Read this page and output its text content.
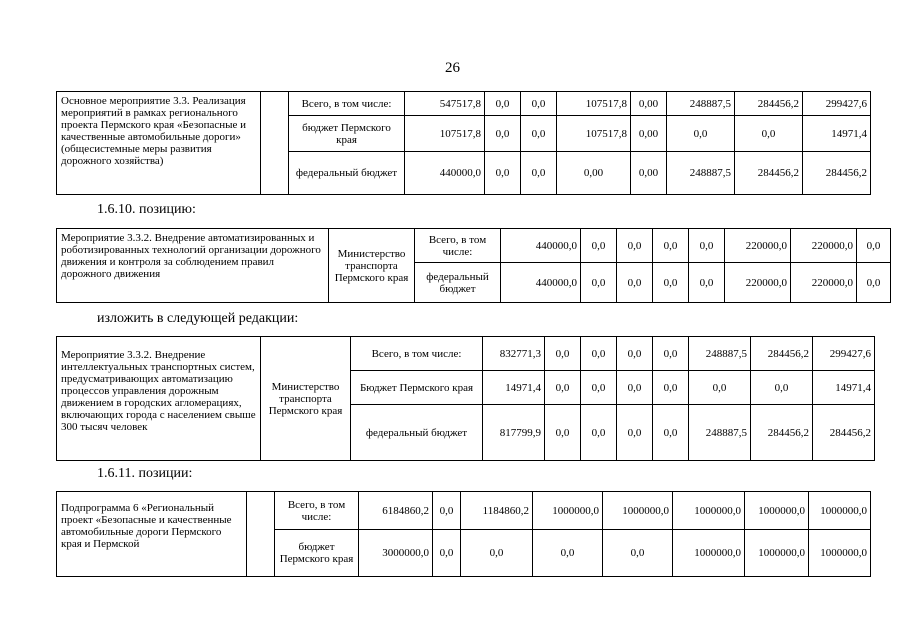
26
Основное мероприятие 3.3. Реализация мероприятий в рамках регионального проекта Пермского края «Безопасные и качественные автомобильные дороги» (общесистемные меры развития дорожного хозяйства)		Всего, в том числе:	547517,8	0,0	0,0	107517,8	0,00	248887,5	284456,2	299427,6
		бюджет Пермского края	107517,8	0,0	0,0	107517,8	0,00	0,0	0,0	14971,4
		федеральный бюджет	440000,0	0,0	0,0	0,00	0,00	248887,5	284456,2	284456,2
1.6.10. позицию:
Мероприятие 3.3.2. Внедрение автоматизированных и роботизированных технологий организации дорожного движения и контроля за соблюдением правил дорожного движения	Министерство транспорта Пермского края	Всего, в том числе:	440000,0	0,0	0,0	0,0	0,0	220000,0	220000,0	0,0
		федеральный бюджет	440000,0	0,0	0,0	0,0	0,0	220000,0	220000,0	0,0
изложить в следующей редакции:
Мероприятие 3.3.2. Внедрение интеллектуальных транспортных систем, предусматривающих автоматизацию процессов управления дорожным движением в городских агломерациях, включающих города с населением свыше 300 тысяч человек	Министерство транспорта Пермского края	Всего, в том числе:	832771,3	0,0	0,0	0,0	0,0	248887,5	284456,2	299427,6
		Бюджет Пермского края	14971,4	0,0	0,0	0,0	0,0	0,0	0,0	14971,4
		федеральный бюджет	817799,9	0,0	0,0	0,0	0,0	248887,5	284456,2	284456,2
1.6.11. позиции:
Подпрограмма 6 «Региональный проект «Безопасные и качественные автомобильные дороги Пермского края и Пермской		Всего, в том числе:	6184860,2	0,0	1184860,2	1000000,0	1000000,0	1000000,0	1000000,0	1000000,0
		бюджет Пермского края	3000000,0	0,0	0,0	0,0	0,0	1000000,0	1000000,0	1000000,0
